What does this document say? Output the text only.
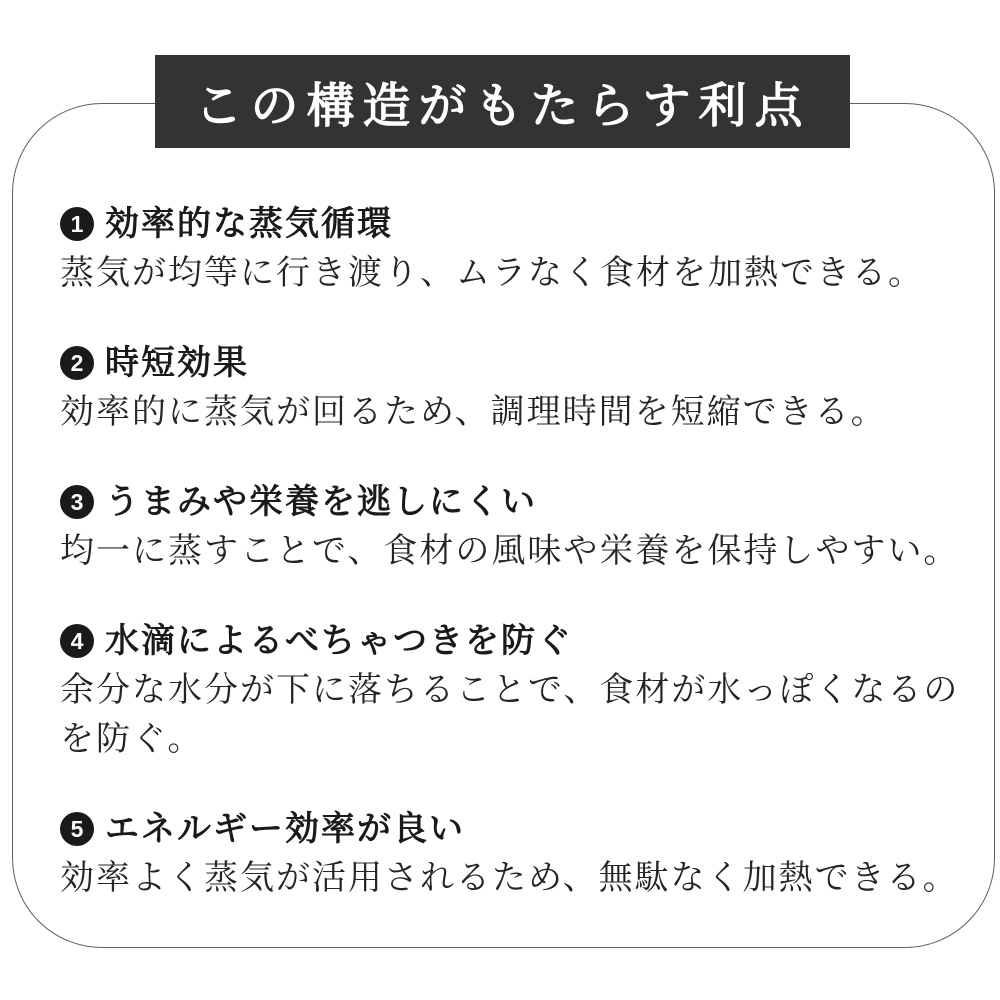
この構造がもたらす利点
1 効率的な蒸気循環
蒸気が均等に行き渡り、ムラなく食材を加熱できる。
2 時短効果
効率的に蒸気が回るため、調理時間を短縮できる。
3 うまみや栄養を逃しにくい
均一に蒸すことで、食材の風味や栄養を保持しやすい。
4 水滴によるべちゃつきを防ぐ
余分な水分が下に落ちることで、食材が水っぽくなるのを防ぐ。
5 エネルギー効率が良い
効率よく蒸気が活用されるため、無駄なく加熱できる。
